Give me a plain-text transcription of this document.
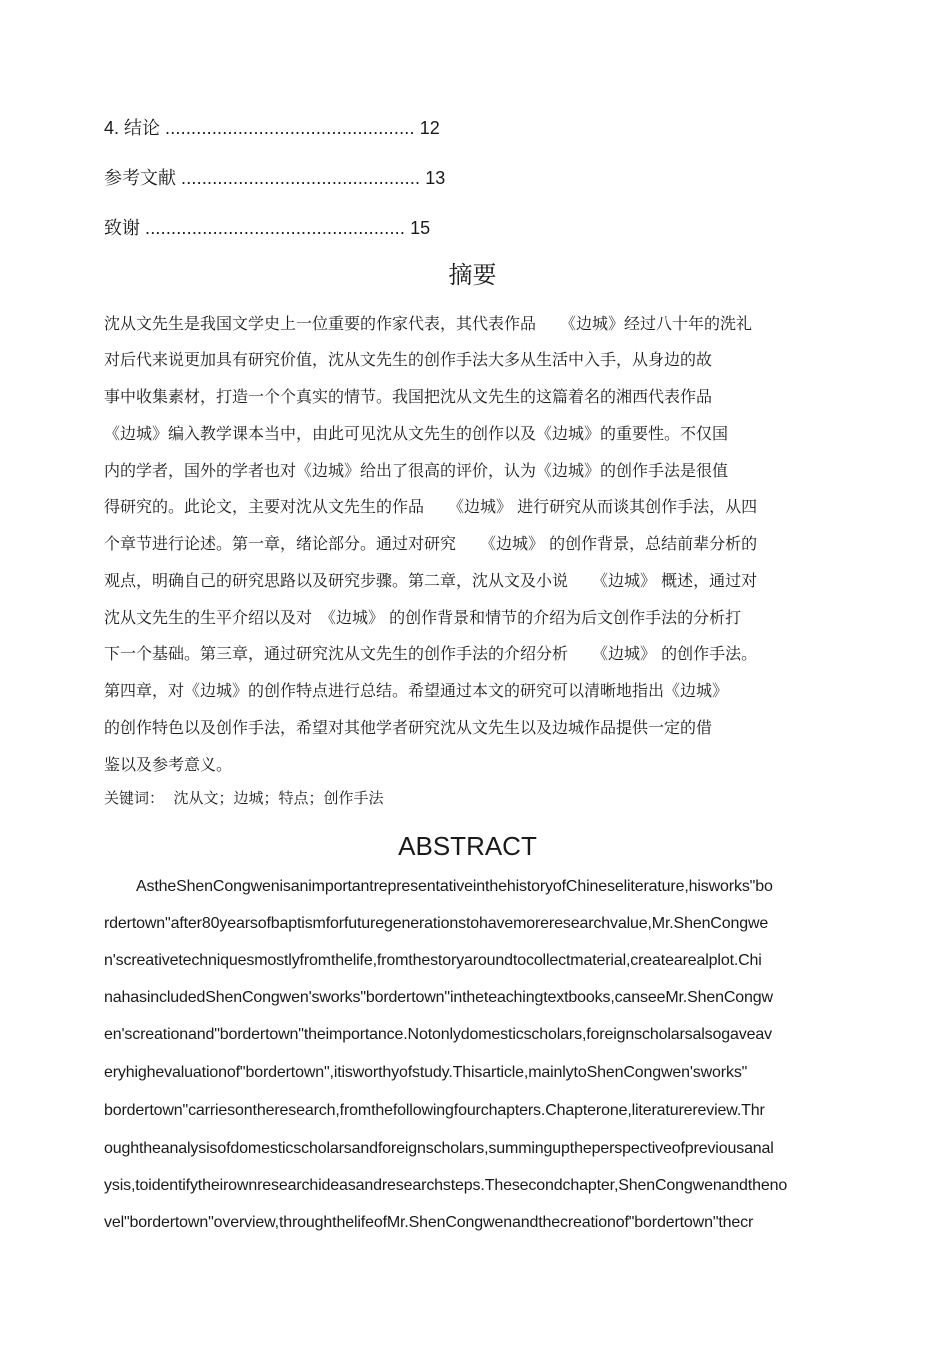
4. 结论 ................................................ 12
参考文献 .............................................. 13
致谢 .................................................. 15
摘要
沈从文先生是我国文学史上一位重要的作家代表，其代表作品　　《边城》经过八十年的洗礼
对后代来说更加具有研究价值，沈从文先生的创作手法大多从生活中入手，从身边的故
事中收集素材，打造一个个真实的情节。我国把沈从文先生的这篇着名的湘西代表作品
《边城》编入教学课本当中，由此可见沈从文先生的创作以及《边城》的重要性。不仅国
内的学者，国外的学者也对《边城》给出了很高的评价，认为《边城》的创作手法是很值
得研究的。此论文，主要对沈从文先生的作品　　《边城》 进行研究从而谈其创作手法，从四
个章节进行论述。第一章，绪论部分。通过对研究　　《边城》 的创作背景，总结前辈分析的
观点，明确自己的研究思路以及研究步骤。第二章，沈从文及小说　　《边城》 概述，通过对
沈从文先生的生平介绍以及对　《边城》 的创作背景和情节的介绍为后文创作手法的分析打
下一个基础。第三章，通过研究沈从文先生的创作手法的介绍分析　　《边城》 的创作手法。
第四章，对《边城》的创作特点进行总结。希望通过本文的研究可以清晰地指出《边城》
的创作特色以及创作手法，希望对其他学者研究沈从文先生以及边城作品提供一定的借
鉴以及参考意义。
关键词：  沈从文；边城；特点；创作手法
ABSTRACT
AstheShenCongwenisanimportantrepresentativeinthehistoryofChineseliterature,hisworks"bo
rdertown"after80yearsofbaptismforfuturegenerationstohavemoreresearchvalue,Mr.ShenCongwe
n'screativetechniquesmostlyfromthelife,fromthestoryaroundtocollectmaterial,createarealplot.Chi
nahasincludedShenCongwen'sworks"bordertown"intheteachingtextbooks,canseeMr.ShenCongw
en'screationand"bordertown"theimportance.Notonlydomesticscholars,foreignscholarsalsogaveav
eryhighevaluationof"bordertown",itisworthyofstudy.Thisarticle,mainlytoShenCongwen'sworks"
bordertown"carriesontheresearch,fromthefollowingfourchapters.Chapterone,literaturereview.Thr
oughtheanalysisofdomesticscholarsandforeignscholars,summinguptheperspectiveofpreviousanal
ysis,toidentifytheirownresearchideasandresearchsteps.Thesecondchapter,ShenCongwenandtheno
vel"bordertown"overview,throughthelifeofMr.ShenCongwenandthecreationof"bordertown"thecr
